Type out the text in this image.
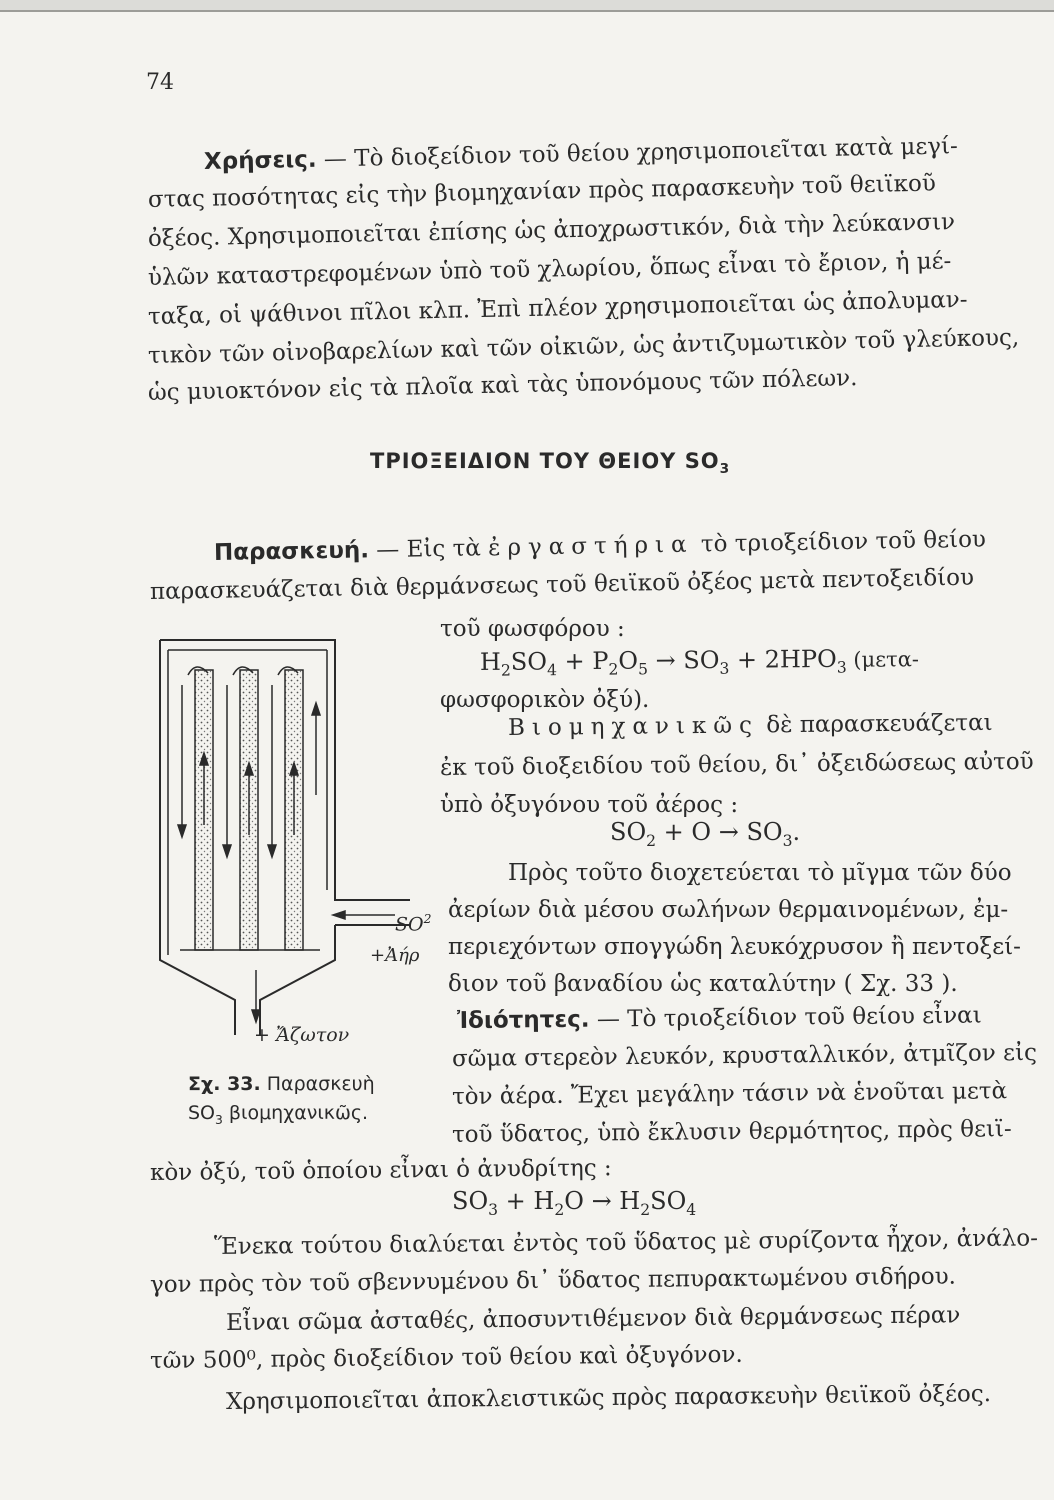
74
Χρήσεις. — Τὸ διοξείδιον τοῦ θείου χρησιμοποιεῖται κατὰ μεγί-
στας ποσότητας εἰς τὴν βιομηχανίαν πρὸς παρασκευὴν τοῦ θειϊκοῦ
ὀξέος. Χρησιμοποιεῖται ἐπίσης ὡς ἀποχρωστικόν, διὰ τὴν λεύκανσιν
ὑλῶν καταστρεφομένων ὑπὸ τοῦ χλωρίου, ὅπως εἶναι τὸ ἔριον, ἡ μέ-
ταξα, οἱ ψάθινοι πῖλοι κλπ. Ἐπὶ πλέον χρησιμοποιεῖται ὡς ἀπολυμαν-
τικὸν τῶν οἰνοβαρελίων καὶ τῶν οἰκιῶν, ὡς ἀντιζυμωτικὸν τοῦ γλεύκους,
ὡς μυιοκτόνον εἰς τὰ πλοῖα καὶ τὰς ὑπονόμους τῶν πόλεων.
ΤΡΙΟΞΕΙΔΙΟΝ ΤΟΥ ΘΕΙΟΥ $SO_3$
Παρασκευή. — Εἰς τὰ ἐργαστήρια τὸ τριοξείδιον τοῦ θείου
παρασκευάζεται διὰ θερμάνσεως τοῦ θειϊκοῦ ὀξέος μετὰ πεντοξειδίου
τοῦ φωσφόρου :
$H_2SO_4 + P_2O_5 \to SO_3 + 2HPO_3$ (μετα-
φωσφορικὸν ὀξύ).
Βιομηχανικῶς δὲ παρασκευάζεται
ἐκ τοῦ διοξειδίου τοῦ θείου, δι᾿ ὀξειδώσεως αὐτοῦ
ὑπὸ ὀξυγόνου τοῦ ἀέρος :
$SO_2 + O \to SO_3$.
Πρὸς τοῦτο διοχετεύεται τὸ μῖγμα τῶν δύο
ἀερίων διὰ μέσου σωλήνων θερμαινομένων, ἐμ-
περιεχόντων σπογγώδη λευκόχρυσον ἢ πεντοξεί-
διον τοῦ βαναδίου ὡς καταλύτην ( Σχ. 33 ).
Ἰδιότητες. — Τὸ τριοξείδιον τοῦ θείου εἶναι
σῶμα στερεὸν λευκόν, κρυσταλλικόν, ἀτμῖζον εἰς
τὸν ἀέρα. Ἔχει μεγάλην τάσιν νὰ ἑνοῦται μετὰ
τοῦ ὕδατος, ὑπὸ ἔκλυσιν θερμότητος, πρὸς θειϊ-
κὸν ὀξύ, τοῦ ὁποίου εἶναι ὁ ἀνυδρίτης :
$SO_3 + H_2O \to H_2SO_4$
Ἕνεκα τούτου διαλύεται ἐντὸς τοῦ ὕδατος μὲ συρίζοντα ἦχον, ἀνάλο-
γον πρὸς τὸν τοῦ σβεννυμένου δι᾿ ὕδατος πεπυρακτωμένου σιδήρου.
Εἶναι σῶμα ἀσταθές, ἀποσυντιθέμενον διὰ θερμάνσεως πέραν
τῶν 500⁰, πρὸς διοξείδιον τοῦ θείου καὶ ὀξυγόνον.
Χρησιμοποιεῖται ἀποκλειστικῶς πρὸς παρασκευὴν θειϊκοῦ ὀξέος.
$SO^2$
+Ἀήρ
+ Ἄζωτον
Σχ. 33. Παρασκευὴ
$SO_3$ βιομηχανικῶς.
